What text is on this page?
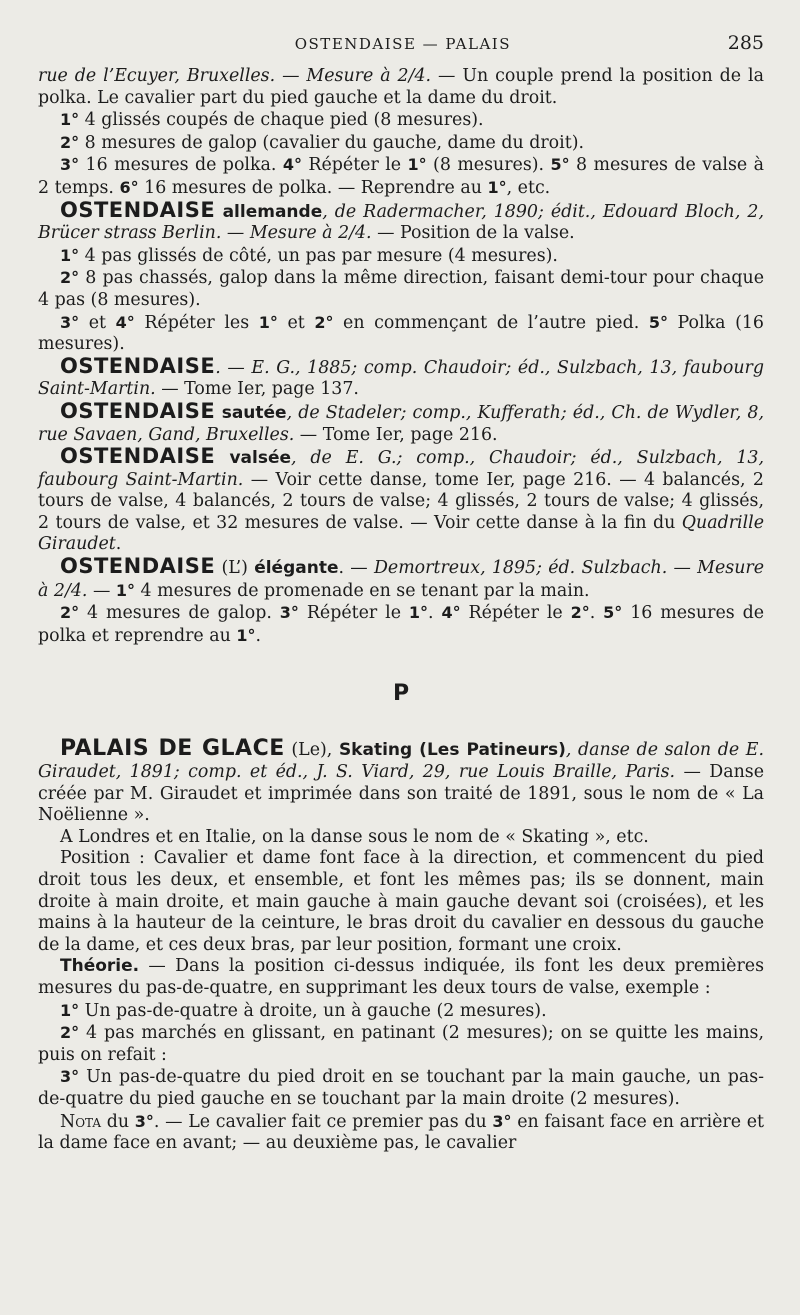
OSTENDAISE — PALAIS	285

rue de l’Ecuyer, Bruxelles. — Mesure à 2/4. — Un couple prend la position de la polka. Le cavalier part du pied gauche et la dame du droit.

1° 4 glissés coupés de chaque pied (8 mesures).

2° 8 mesures de galop (cavalier du gauche, dame du droit).

3° 16 mesures de polka. 4° Répéter le 1° (8 mesures). 5° 8 mesures de valse à 2 temps. 6° 16 mesures de polka. — Reprendre au 1°, etc.

OSTENDAISE allemande, de Radermacher, 1890; édit., Edouard Bloch, 2, Brücer strass Berlin. — Mesure à 2/4. — Position de la valse.

1° 4 pas glissés de côté, un pas par mesure (4 mesures).

2° 8 pas chassés, galop dans la même direction, faisant demi-tour pour chaque 4 pas (8 mesures).

3° et 4° Répéter les 1° et 2° en commençant de l’autre pied. 5° Polka (16 mesures).

OSTENDAISE. — E. G., 1885; comp. Chaudoir; éd., Sulzbach, 13, faubourg Saint-Martin. — Tome Ier, page 137.

OSTENDAISE sautée, de Stadeler; comp., Kufferath; éd., Ch. de Wydler, 8, rue Savaen, Gand, Bruxelles. — Tome Ier, page 216.

OSTENDAISE valsée, de E. G.; comp., Chaudoir; éd., Sulzbach, 13, faubourg Saint-Martin. — Voir cette danse, tome Ier, page 216. — 4 balancés, 2 tours de valse, 4 balancés, 2 tours de valse; 4 glissés, 2 tours de valse; 4 glissés, 2 tours de valse, et 32 mesures de valse. — Voir cette danse à la fin du Quadrille Giraudet.

OSTENDAISE (L’) élégante. — Demortreux, 1895; éd. Sulzbach. — Mesure à 2/4. — 1° 4 mesures de promenade en se tenant par la main.

2° 4 mesures de galop. 3° Répéter le 1°. 4° Répéter le 2°. 5° 16 mesures de polka et reprendre au 1°.

P

PALAIS DE GLACE (Le), Skating (Les Patineurs), danse de salon de E. Giraudet, 1891; comp. et éd., J. S. Viard, 29, rue Louis Braille, Paris. — Danse créée par M. Giraudet et imprimée dans son traité de 1891, sous le nom de « La Noëlienne ».

A Londres et en Italie, on la danse sous le nom de « Skating », etc.

Position : Cavalier et dame font face à la direction, et commencent du pied droit tous les deux, et ensemble, et font les mêmes pas; ils se donnent, main droite à main droite, et main gauche à main gauche devant soi (croisées), et les mains à la hauteur de la ceinture, le bras droit du cavalier en dessous du gauche de la dame, et ces deux bras, par leur position, formant une croix.

Théorie. — Dans la position ci-dessus indiquée, ils font les deux premières mesures du pas-de-quatre, en supprimant les deux tours de valse, exemple :

1° Un pas-de-quatre à droite, un à gauche (2 mesures).

2° 4 pas marchés en glissant, en patinant (2 mesures); on se quitte les mains, puis on refait :

3° Un pas-de-quatre du pied droit en se touchant par la main gauche, un pas-de-quatre du pied gauche en se touchant par la main droite (2 mesures).

Nota du 3°. — Le cavalier fait ce premier pas du 3° en faisant face en arrière et la dame face en avant; — au deuxième pas, le cavalier
